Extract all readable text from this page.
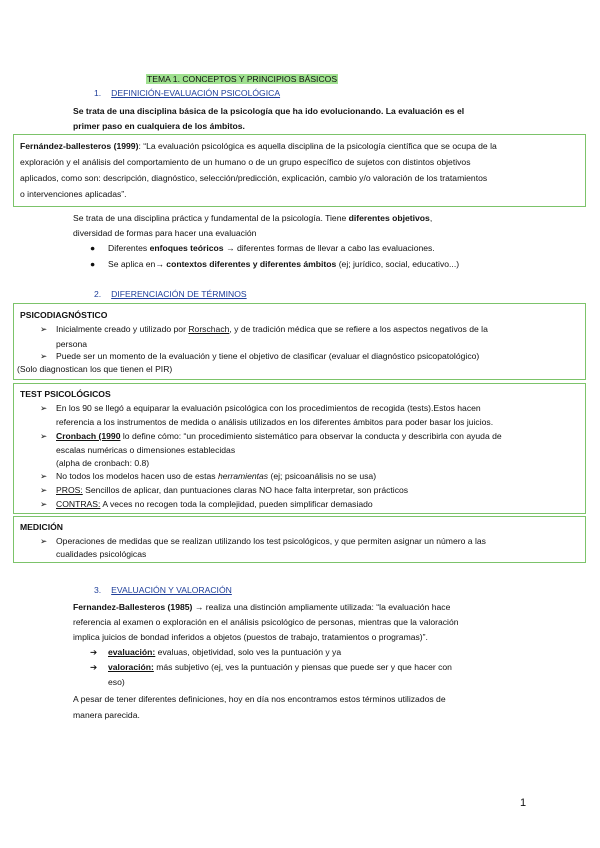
TEMA 1. CONCEPTOS Y PRINCIPIOS BÁSICOS
1. DEFINICIÓN-EVALUACIÓN PSICOLÓGICA
Se trata de una disciplina básica de la psicología que ha ido evolucionando. La evaluación es el
primer paso en cualquiera de los ámbitos.
Fernández-ballesteros (1999): “La evaluación psicológica es aquella disciplina de la psicología científica que se ocupa de la
exploración y el análisis del comportamiento de un humano o de un grupo específico de sujetos con distintos objetivos
aplicados, como son: descripción, diagnóstico, selección/predicción, explicación, cambio y/o valoración de los tratamientos
o intervenciones aplicadas”.
Se trata de una disciplina práctica y fundamental de la psicología. Tiene diferentes objetivos,
diversidad de formas para hacer una evaluación
● Diferentes enfoques teóricos → diferentes formas de llevar a cabo las evaluaciones.
● Se aplica en→ contextos diferentes y diferentes ámbitos (ej; jurídico, social, educativo...)
2. DIFERENCIACIÓN DE TÉRMINOS
PSICODIAGNÓSTICO
➢ Inicialmente creado y utilizado por Rorschach, y de tradición médica que se refiere a los aspectos negativos de la
persona
➢ Puede ser un momento de la evaluación y tiene el objetivo de clasificar (evaluar el diagnóstico psicopatológico)
(Solo diagnostican los que tienen el PIR)
TEST PSICOLÓGICOS
➢ En los 90 se llegó a equiparar la evaluación psicológica con los procedimientos de recogida (tests).Estos hacen
referencia a los instrumentos de medida o análisis utilizados en los diferentes ámbitos para poder basar los juicios.
➢ Cronbach (1990 lo define cómo: “un procedimiento sistemático para observar la conducta y describirla con ayuda de
escalas numéricas o dimensiones establecidas
(alpha de cronbach: 0.8)
➢ No todos los modelos hacen uso de estas herramientas (ej; psicoanálisis no se usa)
➢ PROS: Sencillos de aplicar, dan puntuaciones claras NO hace falta interpretar, son prácticos
➢ CONTRAS: A veces no recogen toda la complejidad, pueden simplificar demasiado
MEDICIÓN
➢ Operaciones de medidas que se realizan utilizando los test psicológicos, y que permiten asignar un número a las
cualidades psicológicas
3. EVALUACIÓN Y VALORACIÓN
Fernandez-Ballesteros (1985) → realiza una distinción ampliamente utilizada: “la evaluación hace
referencia al examen o exploración en el análisis psicológico de personas, mientras que la valoración
implica juicios de bondad inferidos a objetos (puestos de trabajo, tratamientos o programas)”.
➔ evaluación: evaluas, objetividad, solo ves la puntuación y ya
➔ valoración: más subjetivo (ej, ves la puntuación y piensas que puede ser y que hacer con
eso)
A pesar de tener diferentes definiciones, hoy en día nos encontramos estos términos utilizados de
manera parecida.
1
